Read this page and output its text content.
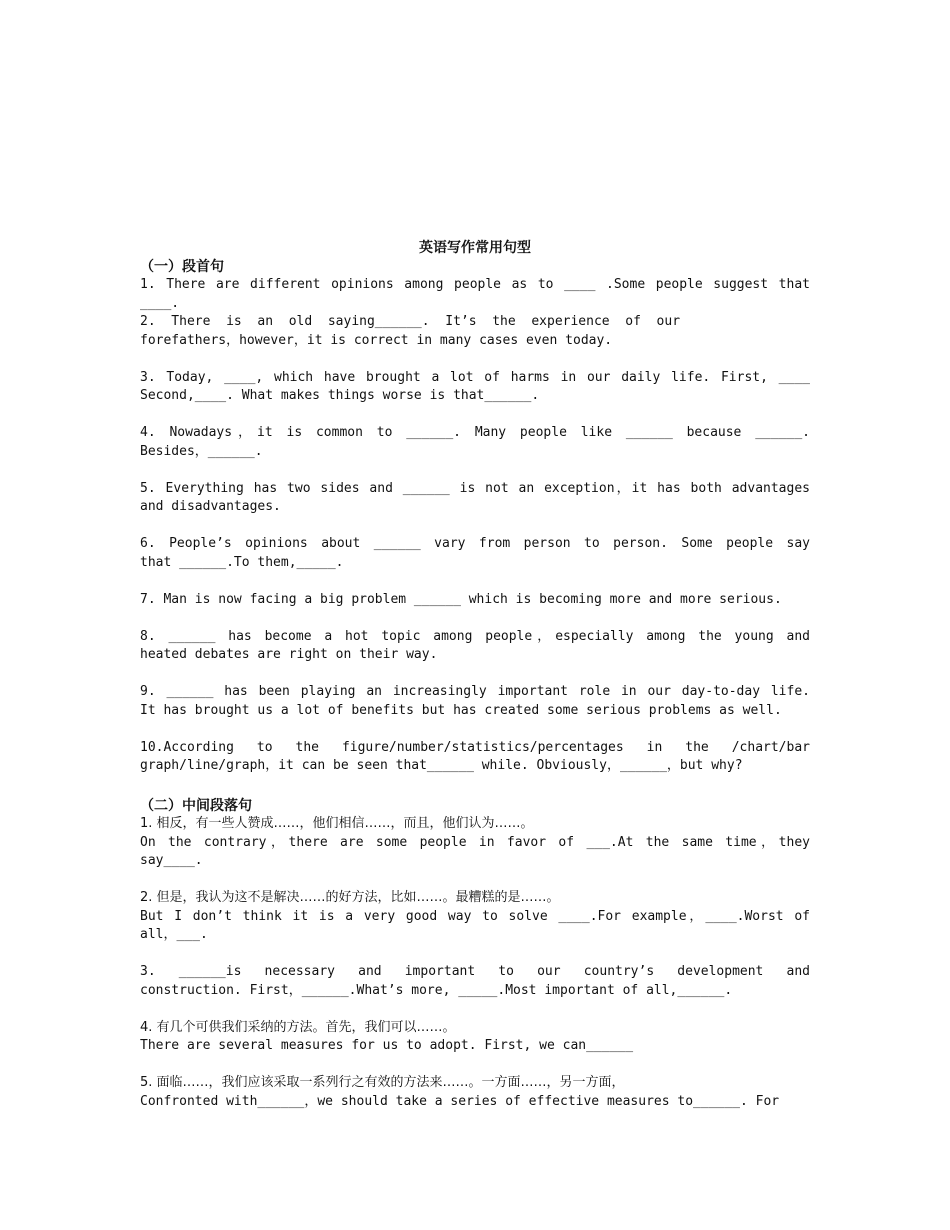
英语写作常用句型
（一）段首句
1. There are different opinions among people as to ____ .Some people suggest that
____.
2.  There  is  an  old  saying______.  It’s  the  experience  of  our
forefathers，however，it is correct in many cases even today.
3. Today, ____, which have brought a lot of harms in our daily life. First, ____
Second,____. What makes things worse is that______.
4. Nowadays，it is common to ______. Many people like ______ because ______.
Besides，______.
5. Everything has two sides and ______ is not an exception，it has both advantages
and disadvantages.
6. People’s opinions about ______ vary from person to person. Some people say
that ______.To them,_____.
7. Man is now facing a big problem ______ which is becoming more and more serious.
8. ______ has become a hot topic among people，especially among the young and
heated debates are right on their way.
9. ______ has been playing an increasingly important role in our day-to-day life.
It has brought us a lot of benefits but has created some serious problems as well.
10.According to the figure/number/statistics/percentages in the /chart/bar
graph/line/graph，it can be seen that______ while. Obviously，______，but why?
（二）中间段落句
1. 相反，有一些人赞成……，他们相信……，而且，他们认为……。
On the contrary，there are some people in favor of ___.At the same time，they
say____.
2. 但是，我认为这不是解决……的好方法，比如……。最糟糕的是……。
But I don’t think it is a very good way to solve ____.For example，____.Worst of
all，___.
3. ______is necessary and important to our country’s development and
construction. First，______.What’s more, _____.Most important of all,______.
4. 有几个可供我们采纳的方法。首先，我们可以……。
There are several measures for us to adopt. First, we can______
5. 面临……，我们应该采取一系列行之有效的方法来……。一方面……，另一方面，
Confronted with______，we should take a series of effective measures to______. For
